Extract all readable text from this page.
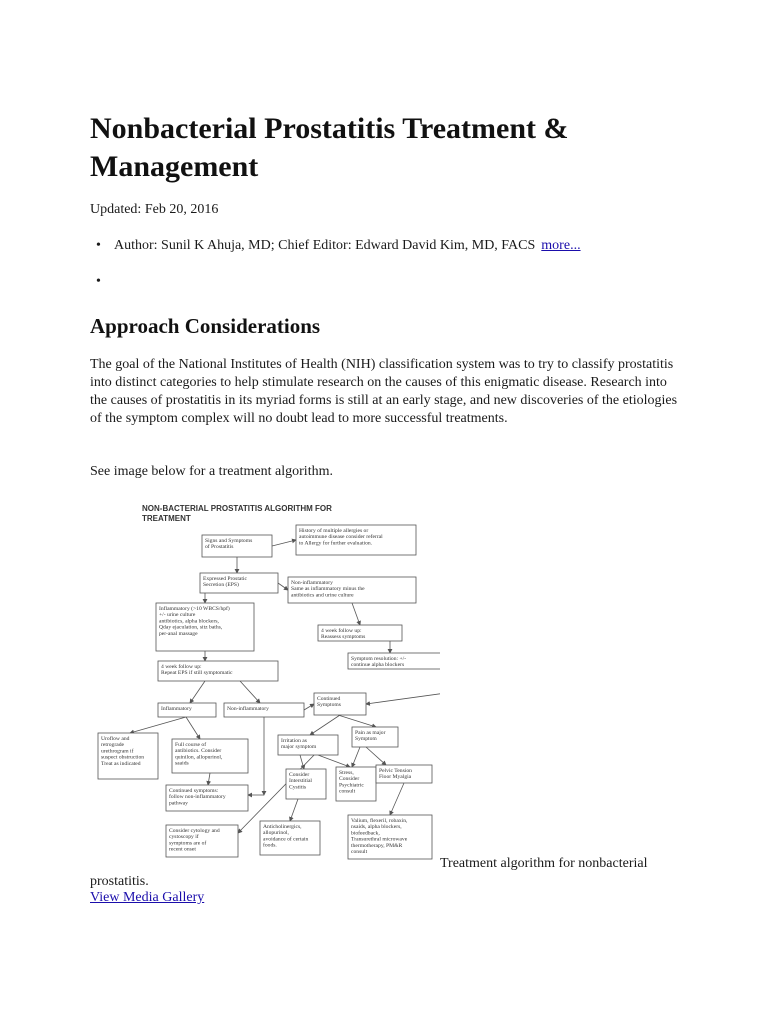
Nonbacterial Prostatitis Treatment & Management
Updated: Feb 20, 2016
• Author: Sunil K Ahuja, MD; Chief Editor: Edward David Kim, MD, FACS more...
•
Approach Considerations

The goal of the National Institutes of Health (NIH) classification system was to try to classify prostatitis into distinct categories to help stimulate research on the causes of this enigmatic disease. Research into the causes of prostatitis in its myriad forms is still at an early stage, and new discoveries of the etiologies of the symptom complex will no doubt lead to more successful treatments.

See image below for a treatment algorithm.

Signs and Symptoms
of Prostatitis
History of multiple allergies or
autoimmune disease consider referral
to Allergy for further evaluation.
Expressed Prostatic
Secretion (EPS)	Non-inflammatory
Same as inflammatory minus the
antibiotics and urine culture
Inflammatory (>10 WBCS/hpf)
+/- urine culture
antibiotics, alpha blockers,
Qday ejaculation, sitz baths,
per-anal massage	4 week follow up:
Reassess symptoms
Symptom resolution: +/-
continue alpha blockers
4 week follow up:
Repeat EPS if still symptomatic
Continued
Symptoms
Inflammatory	Non-inflammatory
Pain as major
Symptom
Uroflow and
retrograde
urethrogram if
suspect obstruction
Treat as indicated
Full course of
antibiotics. Consider
quinilon, allopurinol,
saaids
Irritation as
major symptom
Consider
Interstitial
Cystitis
Stress,
Consider
Psychiatric
consult
Pelvic Tension
Floor Myalgia
Continued symptoms:
follow non-inflammatory
pathway
Consider cytology and
cystoscopy if
symptoms are of
recent onset
Anticholinergics,
allopurinol,
avoidance of certain
foods.
Valium, flexeril, robaxin,
nsaids, alpha blockers,
biofeedback,
Transurethral microwave
thermotherapy, PM&R
consult
NON-BACTERIAL PROSTATITIS ALGORITHM FOR
TREATMENT
Treatment algorithm for nonbacterial
prostatitis.
View Media Gallery
